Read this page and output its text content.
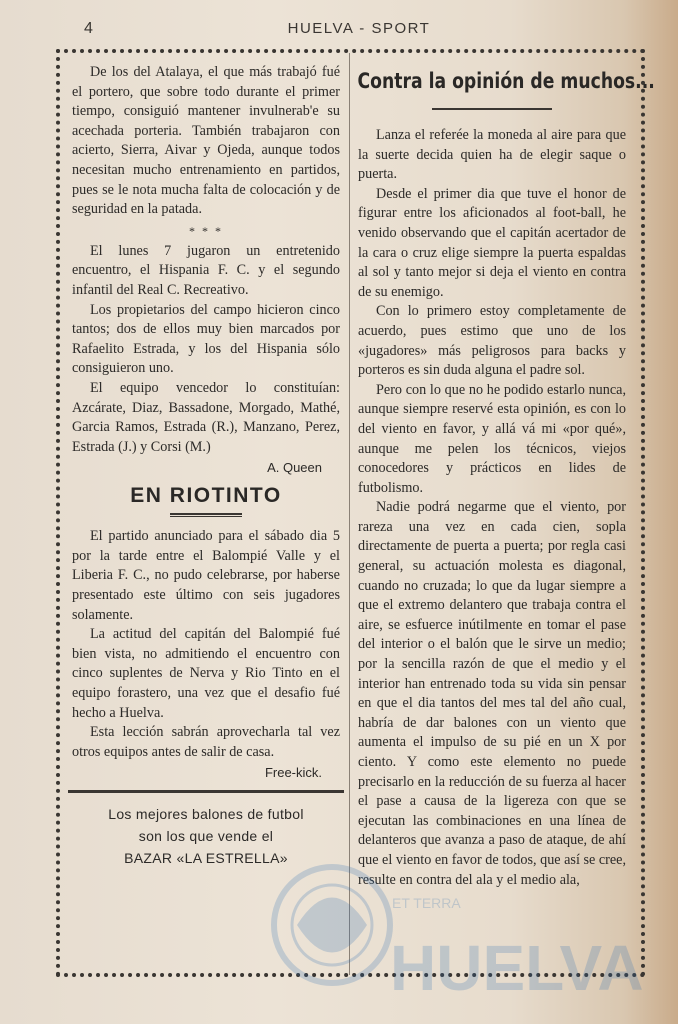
4	HUELVA - SPORT

De los del Atalaya, el que más trabajó fué el portero, que sobre todo durante el primer tiempo, consiguió mantener invulnerab'e su acechada porteria. También trabajaron con acierto, Sierra, Aivar y Ojeda, aunque todos necesitan mucho entrenamiento en partidos, pues se le nota mucha falta de colocación y de seguridad en la patada.

* * *

El lunes 7 jugaron un entretenido encuentro, el Hispania F. C. y el segundo infantil del Real C. Recreativo.

Los propietarios del campo hicieron cinco tantos; dos de ellos muy bien marcados por Rafaelito Estrada, y los del Hispania sólo consiguieron uno.

El equipo vencedor lo constituían: Azcárate, Diaz, Bassadone, Morgado, Mathé, Garcia Ramos, Estrada (R.), Manzano, Perez, Estrada (J.) y Corsi (M.)

A. Queen
EN RIOTINTO

El partido anunciado para el sábado dia 5 por la tarde entre el Balompié Valle y el Liberia F. C., no pudo celebrarse, por haberse presentado este último con seis jugadores solamente.

La actitud del capitán del Balompié fué bien vista, no admitiendo el encuentro con cinco suplentes de Nerva y Rio Tinto en el equipo forastero, una vez que el desafio fué hecho a Huelva.

Esta lección sabrán aprovecharla tal vez otros equipos antes de salir de casa.

Free-kick.
Los mejores balones de futbol
son los que vende el
BAZAR «LA ESTRELLA»
Contra la opinión de muchos...

Lanza el referée la moneda al aire para que la suerte decida quien ha de elegir saque o puerta.

Desde el primer dia que tuve el honor de figurar entre los aficionados al foot-ball, he venido observando que el capitán acertador de la cara o cruz elige siempre la puerta espaldas al sol y tanto mejor si deja el viento en contra de su enemigo.

Con lo primero estoy completamente de acuerdo, pues estimo que uno de los «jugadores» más peligrosos para backs y porteros es sin duda alguna el padre sol.

Pero con lo que no he podido estarlo nunca, aunque siempre reservé esta opinión, es con lo del viento en favor, y allá vá mi «por qué», aunque me pelen los técnicos, viejos conocedores y prácticos en lides de futbolismo.

Nadie podrá negarme que el viento, por rareza una vez en cada cien, sopla directamente de puerta a puerta; por regla casi general, su actuación molesta es diagonal, cuando no cruzada; lo que da lugar siempre a que el extremo delantero que trabaja contra el aire, se esfuerce inútilmente en tomar el pase del interior o el balón que le sirve un medio; por la sencilla razón de que el medio y el interior han entrenado toda su vida sin pensar en que el dia tantos del mes tal del año cual, habría de dar balones con un viento que aumenta el impulso de su pié en un X por ciento. Y como este elemento no puede precisarlo en la reducción de su fuerza al hacer el pase a causa de la ligereza con que se ejecutan las combinaciones en una línea de delanteros que avanza a paso de ataque, de ahí que el viento en favor de todos, que así se cree, resulte en contra del ala y el medio ala,

ET TERRA
HUELVA
